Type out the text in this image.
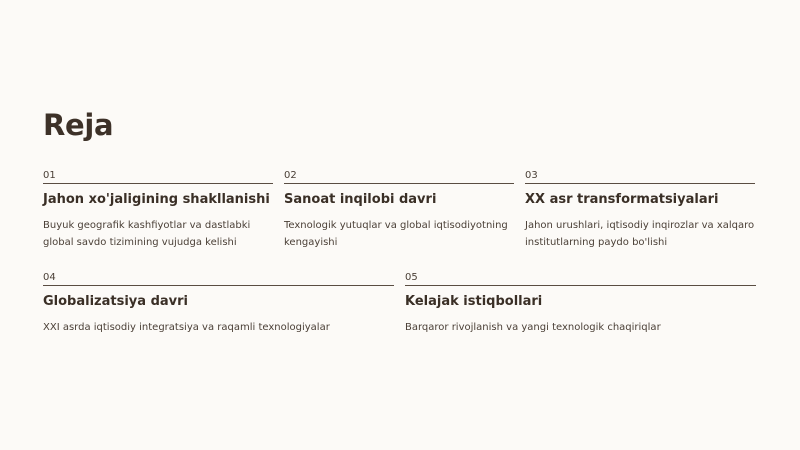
Reja
01
Jahon xo'jaligining shakllanishi

Buyuk geografik kashfiyotlar va dastlabki global savdo tizimining vujudga kelishi

02
Sanoat inqilobi davri

Texnologik yutuqlar va global iqtisodiyotning kengayishi

03
XX asr transformatsiyalari

Jahon urushlari, iqtisodiy inqirozlar va xalqaro institutlarning paydo bo'lishi

04
Globalizatsiya davri

XXI asrda iqtisodiy integratsiya va raqamli texnologiyalar

05
Kelajak istiqbollari

Barqaror rivojlanish va yangi texnologik chaqiriqlar
